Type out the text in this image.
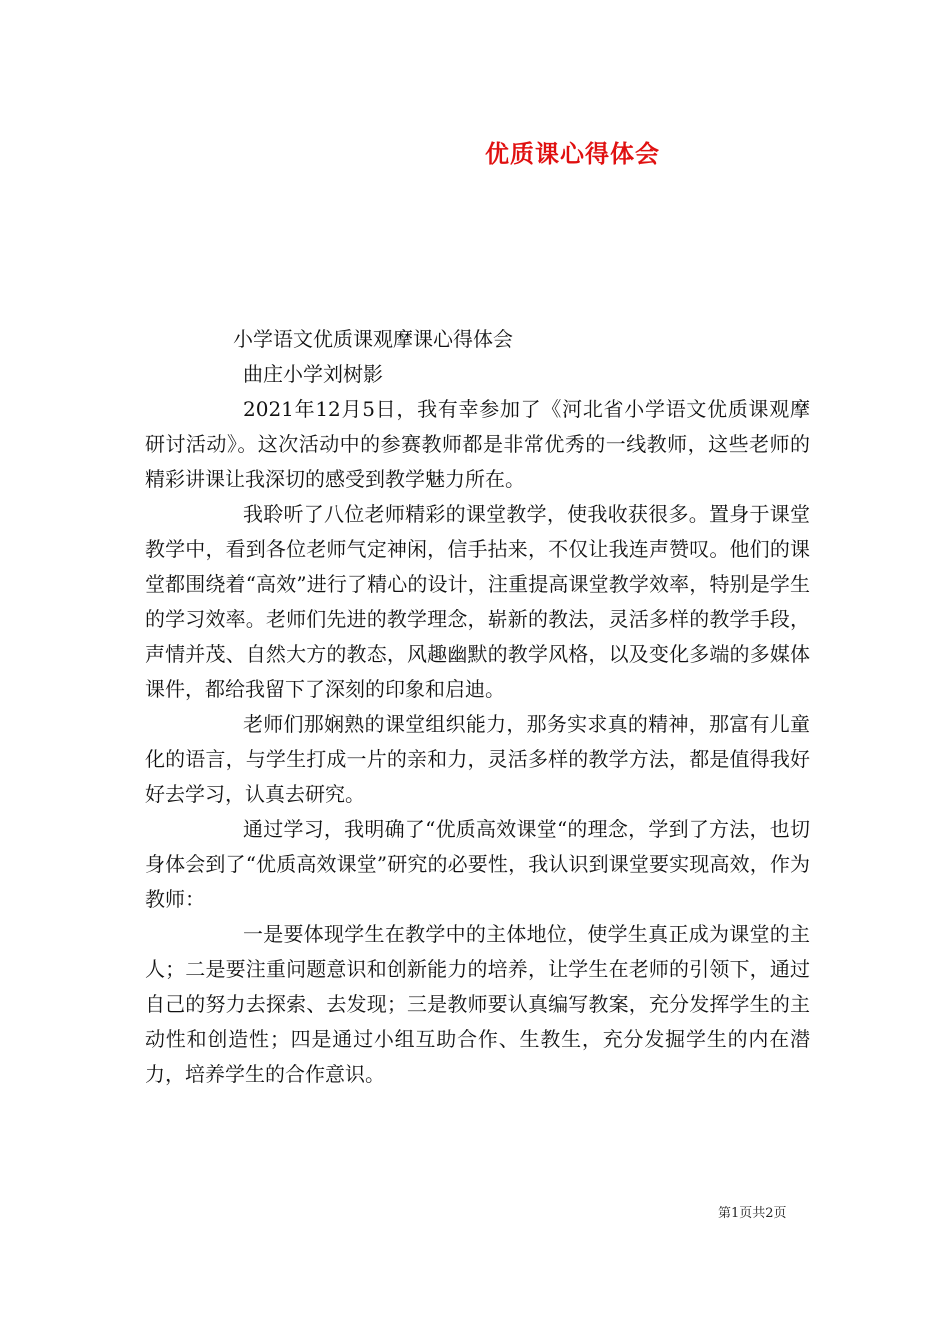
优质课心得体会
小学语文优质课观摩课心得体会
曲庄小学刘树影

2021年12月5日，我有幸参加了《河北省小学语文优质课观摩研讨活动》。这次活动中的参赛教师都是非常优秀的一线教师，这些老师的精彩讲课让我深切的感受到教学魅力所在。

我聆听了八位老师精彩的课堂教学，使我收获很多。置身于课堂教学中，看到各位老师气定神闲，信手拈来，不仅让我连声赞叹。他们的课堂都围绕着“高效”进行了精心的设计，注重提高课堂教学效率，特别是学生的学习效率。老师们先进的教学理念，崭新的教法，灵活多样的教学手段，声情并茂、自然大方的教态，风趣幽默的教学风格，以及变化多端的多媒体课件，都给我留下了深刻的印象和启迪。

老师们那娴熟的课堂组织能力，那务实求真的精神，那富有儿童化的语言，与学生打成一片的亲和力，灵活多样的教学方法，都是值得我好好去学习，认真去研究。

通过学习，我明确了“优质高效课堂“的理念，学到了方法，也切身体会到了“优质高效课堂”研究的必要性，我认识到课堂要实现高效，作为教师：

一是要体现学生在教学中的主体地位，使学生真正成为课堂的主人；二是要注重问题意识和创新能力的培养，让学生在老师的引领下，通过自己的努力去探索、去发现；三是教师要认真编写教案，充分发挥学生的主动性和创造性；四是通过小组互助合作、生教生，充分发掘学生的内在潜力，培养学生的合作意识。

第1页共2页
